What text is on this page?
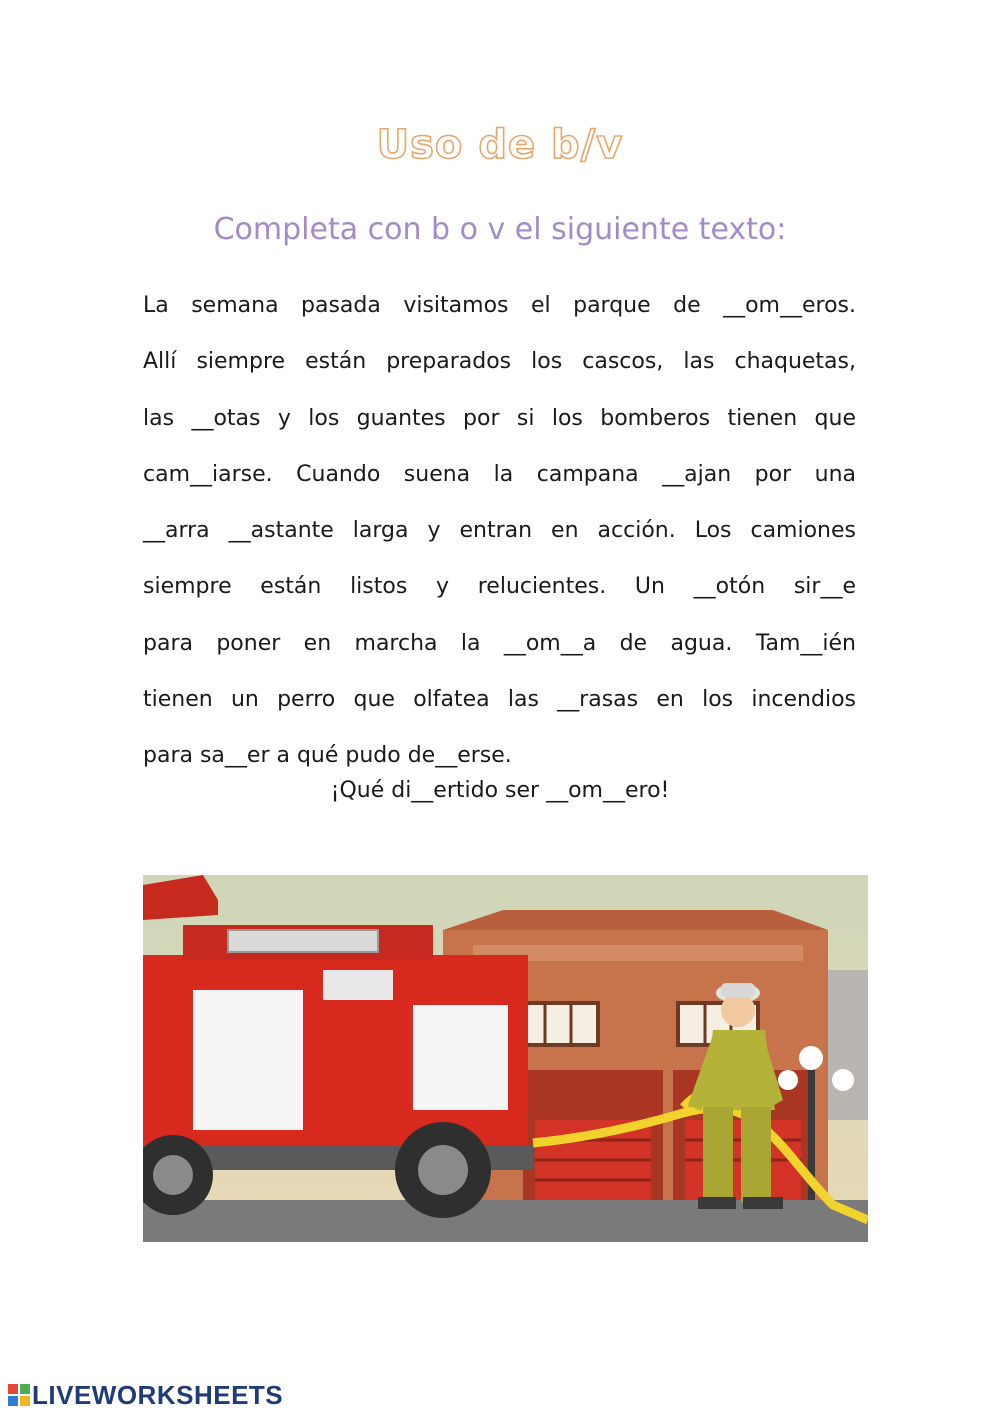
Uso de b/v
Completa con b o v el siguiente texto:
La semana pasada visitamos el parque de __om__eros.
Allí siempre están preparados los cascos, las chaquetas,
las __otas y los guantes por si los bomberos tienen que
cam__iarse. Cuando suena la campana __ajan por una
__arra __astante larga y entran en acción. Los camiones
siempre están listos y relucientes. Un __otón sir__e
para poner en marcha la __om__a de agua. Tam__ién
tienen un perro que olfatea las __rasas en los incendios
para sa__er a qué pudo de__erse.
¡Qué di__ertido ser __om__ero!
LIVEWORKSHEETS
